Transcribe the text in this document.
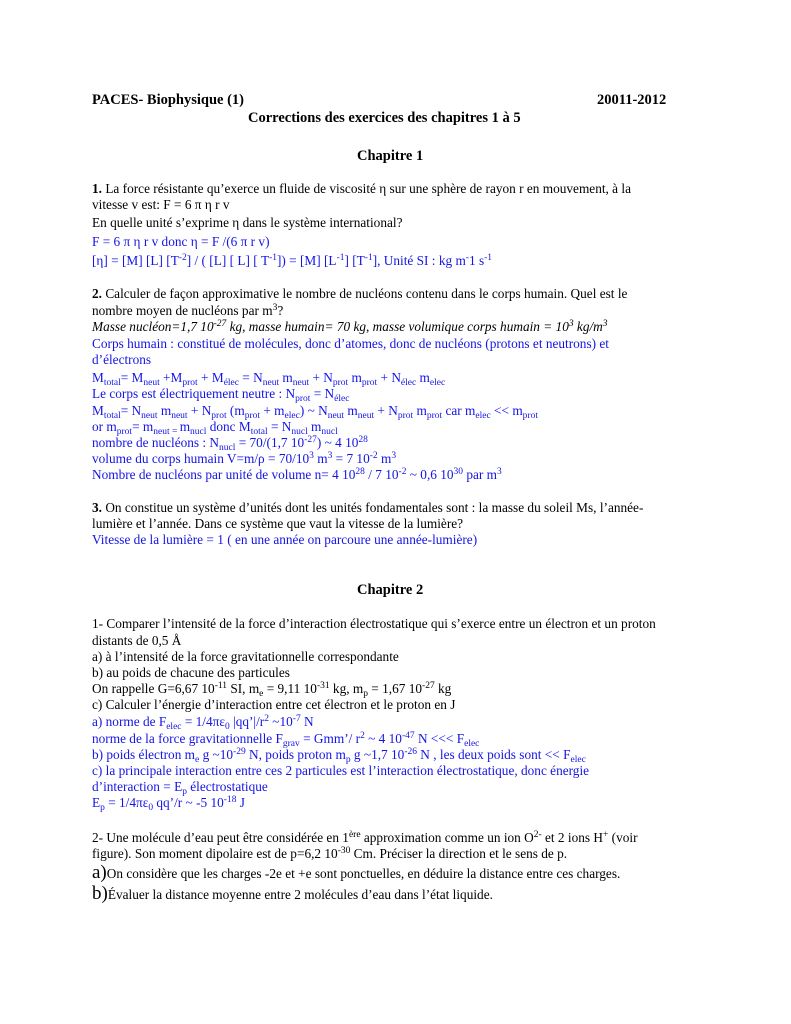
PACES- Biophysique (1)	20011-2012
Corrections des exercices des chapitres 1 à 5
Chapitre 1
1. La force résistante qu’exerce un fluide de viscosité η sur une sphère de rayon r en mouvement, à la
vitesse v est: F = 6 π η r v
En quelle unité s’exprime η dans le système international?
F = 6 π η r v donc η = F /(6 π r v)
[η] = [M] [L] $[T^{-2}]$ / ( [L] [ L] [ $T^{-1}]) = [M]$ $[L^{-1}]$ $[T^{-1}]$, Unité SI : kg m-1 $s^{-1}$
2. Calculer de façon approximative le nombre de nucléons contenu dans le corps humain. Quel est le
nombre moyen de nucléons par $m^3$?
Masse nucléon=1,7 $10^{-27}$ kg, masse humain= 70 kg, masse volumique corps humain = $10^3$ $kg/m^3$
Corps humain : constitué de molécules, donc d’atomes, donc de nucléons (protons et neutrons) et
d’électrons
$M_{total}= M_{neut} +M_{prot} + M_{élec} = N_{neut}$ $m_{neut} + N_{prot}$ $m_{prot} + N_{élec}$ $m_{elec}$
Le corps est électriquement neutre : $N_{prot} = N_{élec}$
$M_{total}= N_{neut}$ $m_{neut} + N_{prot}$ $(m_{prot} + m_{elec})$ ~ $N_{neut}$ $m_{neut} + N_{prot}$ $m_{prot}$ car $m_{elec} << m_{prot}$
or $m_{prot}= m_{neut =}$ $m_{nucl}$ donc $M_{total} = N_{nucl}$ $m_{nucl}$
nombre de nucléons : $N_{nucl} = 70/(1,7$ $10^{-27}$) ~ 4 $10^{28}$
volume du corps humain $V=m/\rho = 70/10^3$ $m^3 = 7$ $10^{-2}$ $m^3$
Nombre de nucléons par unité de volume n= 4 $10^{28} / 7$ $10^{-2}$ ~ 0,6 $10^{30}$ par $m^3$
3. On constitue un système d’unités dont les unités fondamentales sont : la masse du soleil Ms, l’année-
lumière et l’année. Dans ce système que vaut la vitesse de la lumière?
Vitesse de la lumière = 1 ( en une année on parcoure une année-lumière)
Chapitre 2
1- Comparer l’intensité de la force d’interaction électrostatique qui s’exerce entre un électron et un proton
distants de 0,5 Å
a) à l’intensité de la force gravitationnelle correspondante
b) au poids de chacune des particules
On rappelle G=6,67 $10^{-11}$ SI, $m_e = 9,11$ $10^{-31}$ kg, $m_p = 1,67$ $10^{-27}$ kg
c) Calculer l’énergie d’interaction entre cet électron et le proton en J
a) norme de $F_{elec} = 1/4\pi\varepsilon_0$ $|qq’|/r^2$ $\sim 10^{-7}$ N
norme de la force gravitationnelle $F_{grav}$ = Gmm’/ $r^2$ ~ 4 $10^{-47}$ N <<< $F_{elec}$
b) poids électron $m_e$ g $\sim 10^{-29}$ N, poids proton $m_p$ g ~1,7 $10^{-26}$ N , les deux poids sont << $F_{elec}$
c) la principale interaction entre ces 2 particules est l’interaction électrostatique, donc énergie
d’interaction = $E_p$ électrostatique
$E_p = 1/4\pi\varepsilon_0$ qq’/r ~ -5 $10^{-18}$ J
2- Une molécule d’eau peut être considérée en 1ère approximation comme un ion $O^{2-}$ et 2 ions H+ (voir
figure). Son moment dipolaire est de p=6,2 $10^{-30}$ Cm. Préciser la direction et le sens de p.
a)On considère que les charges -2e et +e sont ponctuelles, en déduire la distance entre ces charges.
b)Évaluer la distance moyenne entre 2 molécules d’eau dans l’état liquide.
